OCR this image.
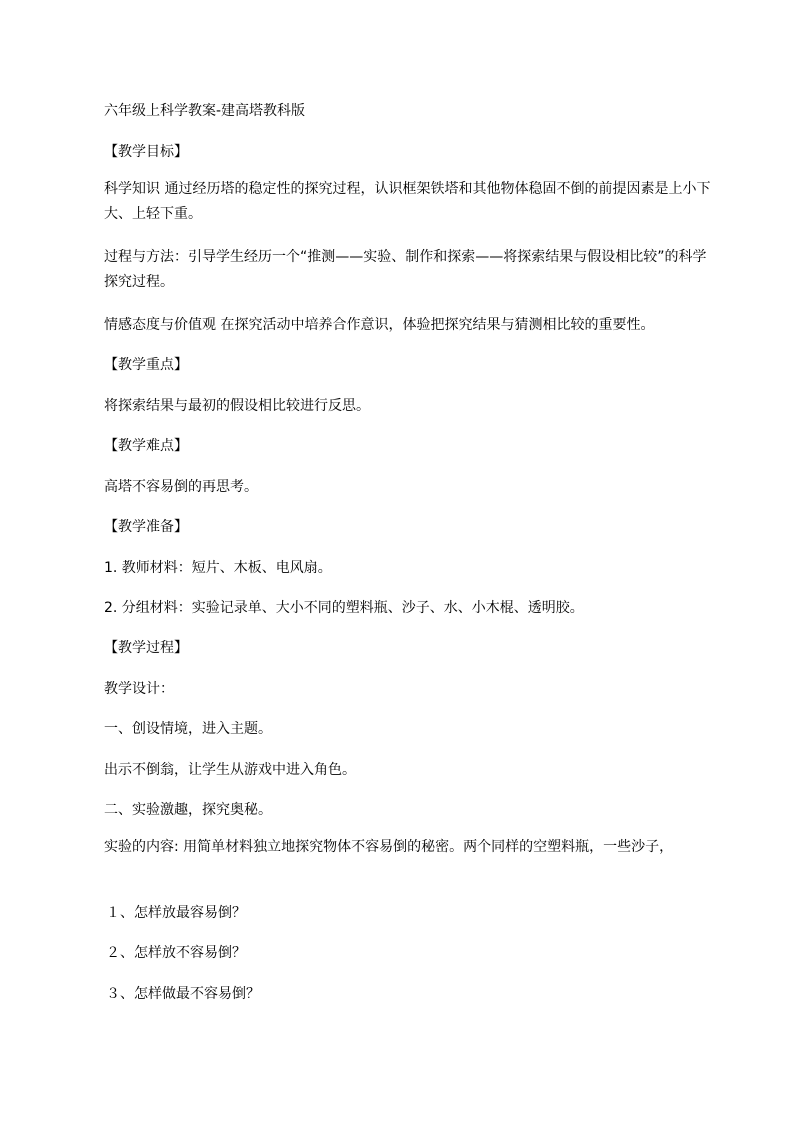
六年级上科学教案-建高塔教科版
【教学目标】
科学知识 通过经历塔的稳定性的探究过程，认识框架铁塔和其他物体稳固不倒的前提因素是上小下大、上轻下重。
过程与方法：引导学生经历一个“推测——实验、制作和探索——将探索结果与假设相比较”的科学探究过程。
情感态度与价值观 在探究活动中培养合作意识，体验把探究结果与猜测相比较的重要性。
【教学重点】
将探索结果与最初的假设相比较进行反思。
【教学难点】
高塔不容易倒的再思考。
【教学准备】
1. 教师材料：短片、木板、电风扇。
2. 分组材料：实验记录单、大小不同的塑料瓶、沙子、水、小木棍、透明胶。
【教学过程】
教学设计：
一、创设情境，进入主题。
出示不倒翁，让学生从游戏中进入角色。
二、实验激趣，探究奥秘。
实验的内容: 用简单材料独立地探究物体不容易倒的秘密。两个同样的空塑料瓶，一些沙子，
１、怎样放最容易倒？
２、怎样放不容易倒？
３、怎样做最不容易倒？
